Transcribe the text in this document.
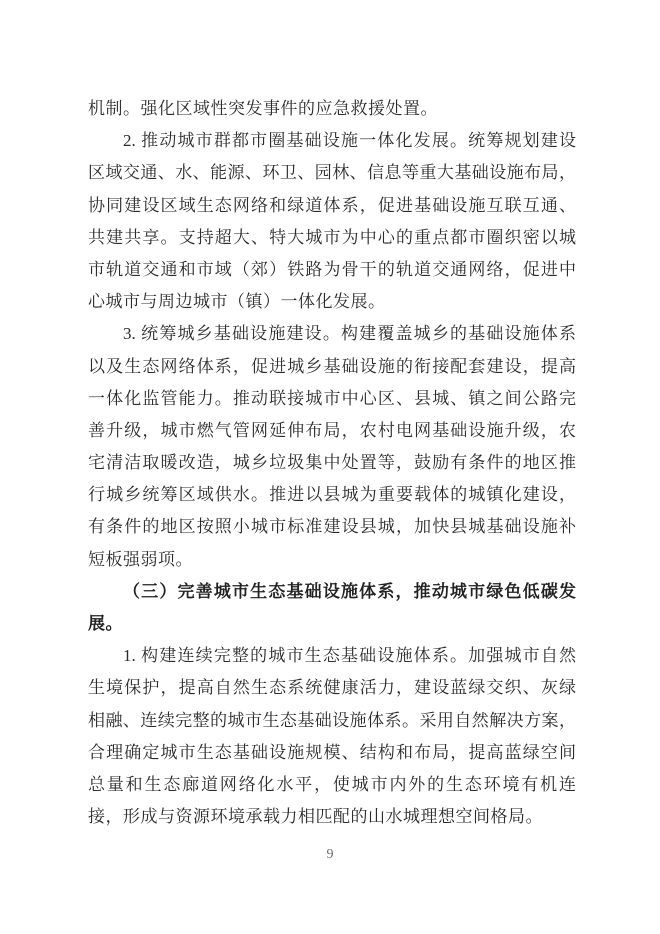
机制。强化区域性突发事件的应急救援处置。
2. 推动城市群都市圈基础设施一体化发展。统筹规划建设
区域交通、水、能源、环卫、园林、信息等重大基础设施布局，
协同建设区域生态网络和绿道体系，促进基础设施互联互通、
共建共享。支持超大、特大城市为中心的重点都市圈织密以城
市轨道交通和市域（郊）铁路为骨干的轨道交通网络，促进中
心城市与周边城市（镇）一体化发展。
3. 统筹城乡基础设施建设。构建覆盖城乡的基础设施体系
以及生态网络体系，促进城乡基础设施的衔接配套建设，提高
一体化监管能力。推动联接城市中心区、县城、镇之间公路完
善升级，城市燃气管网延伸布局，农村电网基础设施升级，农
宅清洁取暖改造，城乡垃圾集中处置等，鼓励有条件的地区推
行城乡统筹区域供水。推进以县城为重要载体的城镇化建设，
有条件的地区按照小城市标准建设县城，加快县城基础设施补
短板强弱项。
（三）完善城市生态基础设施体系，推动城市绿色低碳发
展。
1. 构建连续完整的城市生态基础设施体系。加强城市自然
生境保护，提高自然生态系统健康活力，建设蓝绿交织、灰绿
相融、连续完整的城市生态基础设施体系。采用自然解决方案，
合理确定城市生态基础设施规模、结构和布局，提高蓝绿空间
总量和生态廊道网络化水平，使城市内外的生态环境有机连
接，形成与资源环境承载力相匹配的山水城理想空间格局。
9
